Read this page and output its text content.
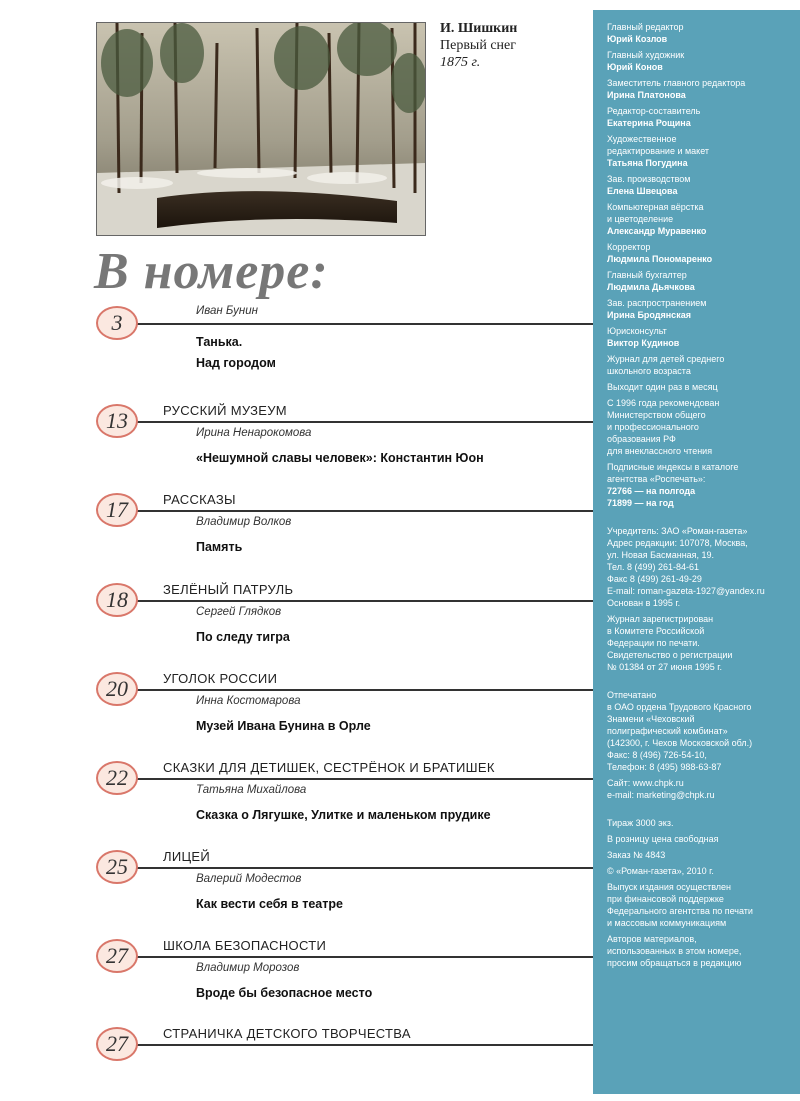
И. Шишкин
Первый снег
1875 г.
В номере:
3	Иван Бунин
Танька.
Над городом
13	РУССКИЙ МУЗЕУМ
Ирина Ненарокомова
«Нешумной славы человек»: Константин Юон
17	РАССКАЗЫ
Владимир Волков
Память
18	ЗЕЛЁНЫЙ ПАТРУЛЬ
Сергей Глядков
По следу тигра
20	УГОЛОК РОССИИ
Инна Костомарова
Музей Ивана Бунина в Орле
22	СКАЗКИ ДЛЯ ДЕТИШЕК, СЕСТРЁНОК И БРАТИШЕК
Татьяна Михайлова
Сказка о Лягушке, Улитке и маленьком прудике
25	ЛИЦЕЙ
Валерий Модестов
Как вести себя в театре
27	ШКОЛА БЕЗОПАСНОСТИ
Владимир Морозов
Вроде бы безопасное место
27	СТРАНИЧКА ДЕТСКОГО ТВОРЧЕСТВА
Главный редактор
Юрий Козлов
Главный художник
Юрий Конов
Заместитель главного редактора
Ирина Платонова
Редактор-составитель
Екатерина Рощина
Художественное
редактирование и макет
Татьяна Погудина
Зав. производством
Елена Швецова
Компьютерная вёрстка
и цветоделение
Александр Муравенко
Корректор
Людмила Пономаренко
Главный бухгалтер
Людмила Дьячкова
Зав. распространением
Ирина Бродянская
Юрисконсульт
Виктор Кудинов
Журнал для детей среднего
школьного возраста
Выходит один раз в месяц
С 1996 года рекомендован
Министерством общего
и профессионального
образования РФ
для внеклассного чтения
Подписные индексы в каталоге
агентства «Роспечать»:
72766 — на полгода
71899 — на год

Учредитель: ЗАО «Роман-газета»
Адрес редакции: 107078, Москва,
ул. Новая Басманная, 19.
Тел. 8 (499) 261-84-61
Факс 8 (499) 261-49-29
E-mail: roman-gazeta-1927@yandex.ru
Основан в 1995 г.
Журнал зарегистрирован
в Комитете Российской
Федерации по печати.
Свидетельство о регистрации
№ 01384 от 27 июня 1995 г.

Отпечатано
в ОАО ордена Трудового Красного
Знамени «Чеховский
полиграфический комбинат»
(142300, г. Чехов Московской обл.)
Факс: 8 (496) 726-54-10,
Телефон: 8 (495) 988-63-87
Сайт: www.chpk.ru
e-mail: marketing@chpk.ru

Тираж 3000 экз.
В розницу цена свободная
Заказ № 4843
© «Роман-газета», 2010 г.
Выпуск издания осуществлен
при финансовой поддержке
Федерального агентства по печати
и массовым коммуникациям
Авторов материалов,
использованных в этом номере,
просим обращаться в редакцию
